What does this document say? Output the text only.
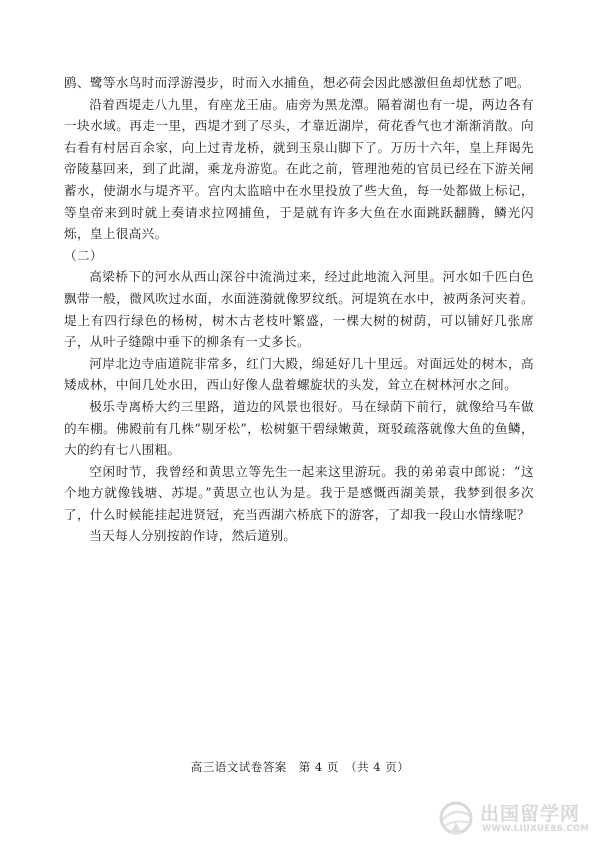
鸥、鹭等水鸟时而浮游漫步，时而入水捕鱼，想必荷会因此感激但鱼却忧愁了吧。

沿着西堤走八九里，有座龙王庙。庙旁为黑龙潭。隔着湖也有一堤，两边各有一块水域。再走一里，西堤才到了尽头，才靠近湖岸，荷花香气也才渐渐消散。向右看有村居百余家，向上过青龙桥，就到玉泉山脚下了。万历十六年，皇上拜谒先帝陵墓回来，到了此湖，乘龙舟游览。在此之前，管理池苑的官员已经在下游关闸蓄水，使湖水与堤齐平。宫内太监暗中在水里投放了些大鱼，每一处都做上标记，等皇帝来到时就上奏请求拉网捕鱼，于是就有许多大鱼在水面跳跃翻腾，鳞光闪烁，皇上很高兴。

（二）

高梁桥下的河水从西山深谷中流淌过来，经过此地流入河里。河水如千匹白色飘带一般，微风吹过水面，水面涟漪就像罗纹纸。河堤筑在水中，被两条河夹着。堤上有四行绿色的杨树，树木古老枝叶繁盛，一棵大树的树荫，可以铺好几张席子，从叶子缝隙中垂下的柳条有一丈多长。

河岸北边寺庙道院非常多，红门大殿，绵延好几十里远。对面远处的树木，高矮成林，中间几处水田，西山好像人盘着螺旋状的头发，耸立在树林河水之间。

极乐寺离桥大约三里路，道边的风景也很好。马在绿荫下前行，就像给马车做的车棚。佛殿前有几株“剔牙松”，松树躯干碧绿嫩黄，斑驳疏落就像大鱼的鱼鳞，大的约有七八围粗。

空闲时节，我曾经和黄思立等先生一起来这里游玩。我的弟弟袁中郎说：“这个地方就像钱塘、苏堤。”黄思立也认为是。我于是感慨西湖美景，我梦到很多次了，什么时候能挂起进贤冠，充当西湖六桥底下的游客，了却我一段山水情缘呢？

当天每人分别按韵作诗，然后道别。

高三语文试卷答案　第 4 页　（共 4 页）
出国留学网
WWW.LIUXUE86.COM
